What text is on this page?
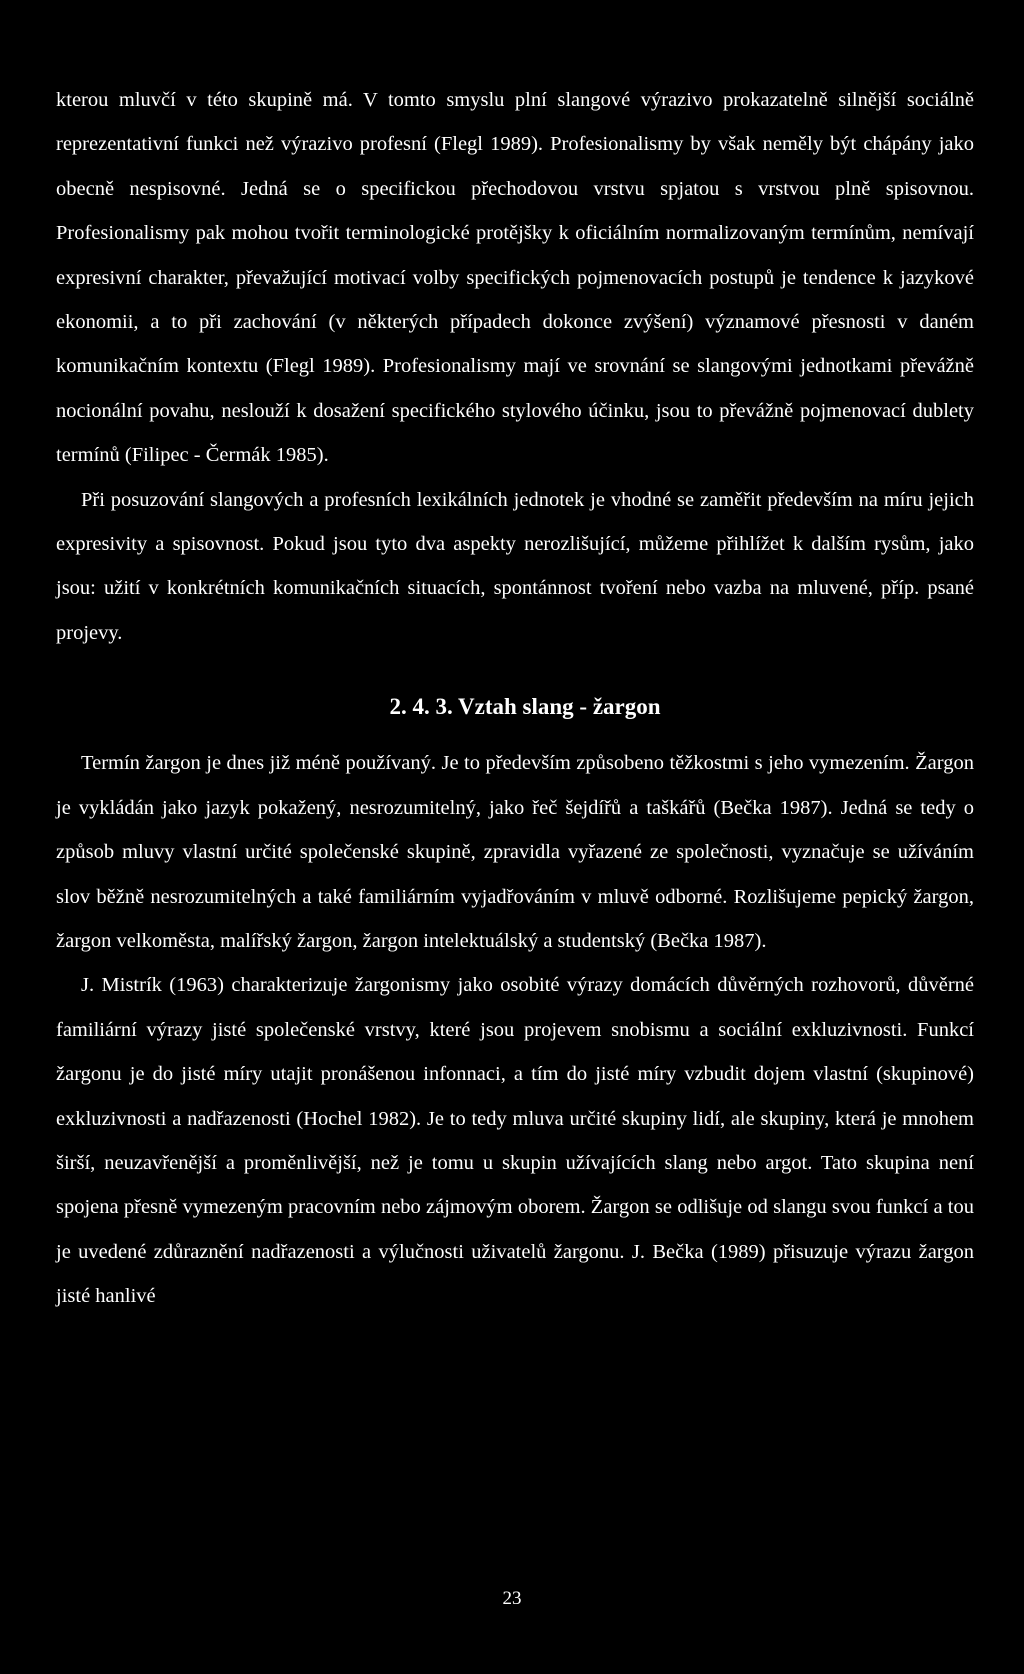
kterou mluvčí v této skupině má. V tomto smyslu plní slangové výrazivo prokazatelně silnější sociálně reprezentativní funkci než výrazivo profesní (Flegl 1989). Profesionalismy by však neměly být chápány jako obecně nespisovné. Jedná se o specifickou přechodovou vrstvu spjatou s vrstvou plně spisovnou. Profesionalismy pak mohou tvořit terminologické protějšky k oficiálním normalizovaným termínům, nemívají expresivní charakter, převažující motivací volby specifických pojmenovacích postupů je tendence k jazykové ekonomii, a to při zachování (v některých případech dokonce zvýšení) významové přesnosti v daném komunikačním kontextu (Flegl 1989). Profesionalismy mají ve srovnání se slangovými jednotkami převážně nocionální povahu, neslouží k dosažení specifického stylového účinku, jsou to převážně pojmenovací dublety termínů (Filipec - Čermák 1985).

Při posuzování slangových a profesních lexikálních jednotek je vhodné se zaměřit především na míru jejich expresivity a spisovnost. Pokud jsou tyto dva aspekty nerozlišující, můžeme přihlížet k dalším rysům, jako jsou: užití v konkrétních komunikačních situacích, spontánnost tvoření nebo vazba na mluvené, příp. psané projevy.

2. 4. 3. Vztah slang - žargon

Termín žargon je dnes již méně používaný. Je to především způsobeno těžkostmi s jeho vymezením. Žargon je vykládán jako jazyk pokažený, nesrozumitelný, jako řeč šejdířů a taškářů (Bečka 1987). Jedná se tedy o způsob mluvy vlastní určité společenské skupině, zpravidla vyřazené ze společnosti, vyznačuje se užíváním slov běžně nesrozumitelných a také familiárním vyjadřováním v mluvě odborné. Rozlišujeme pepický žargon, žargon velkoměsta, malířský žargon, žargon intelektuálský a studentský (Bečka 1987).

J. Mistrík (1963) charakterizuje žargonismy jako osobité výrazy domácích důvěrných rozhovorů, důvěrné familiární výrazy jisté společenské vrstvy, které jsou projevem snobismu a sociální exkluzivnosti. Funkcí žargonu je do jisté míry utajit pronášenou infonnaci, a tím do jisté míry vzbudit dojem vlastní (skupinové) exkluzivnosti a nadřazenosti (Hochel 1982). Je to tedy mluva určité skupiny lidí, ale skupiny, která je mnohem širší, neuzavřenější a proměnlivější, než je tomu u skupin užívajících slang nebo argot. Tato skupina není spojena přesně vymezeným pracovním nebo zájmovým oborem. Žargon se odlišuje od slangu svou funkcí a tou je uvedené zdůraznění nadřazenosti a výlučnosti uživatelů žargonu. J. Bečka (1989) přisuzuje výrazu žargon jisté hanlivé

23
